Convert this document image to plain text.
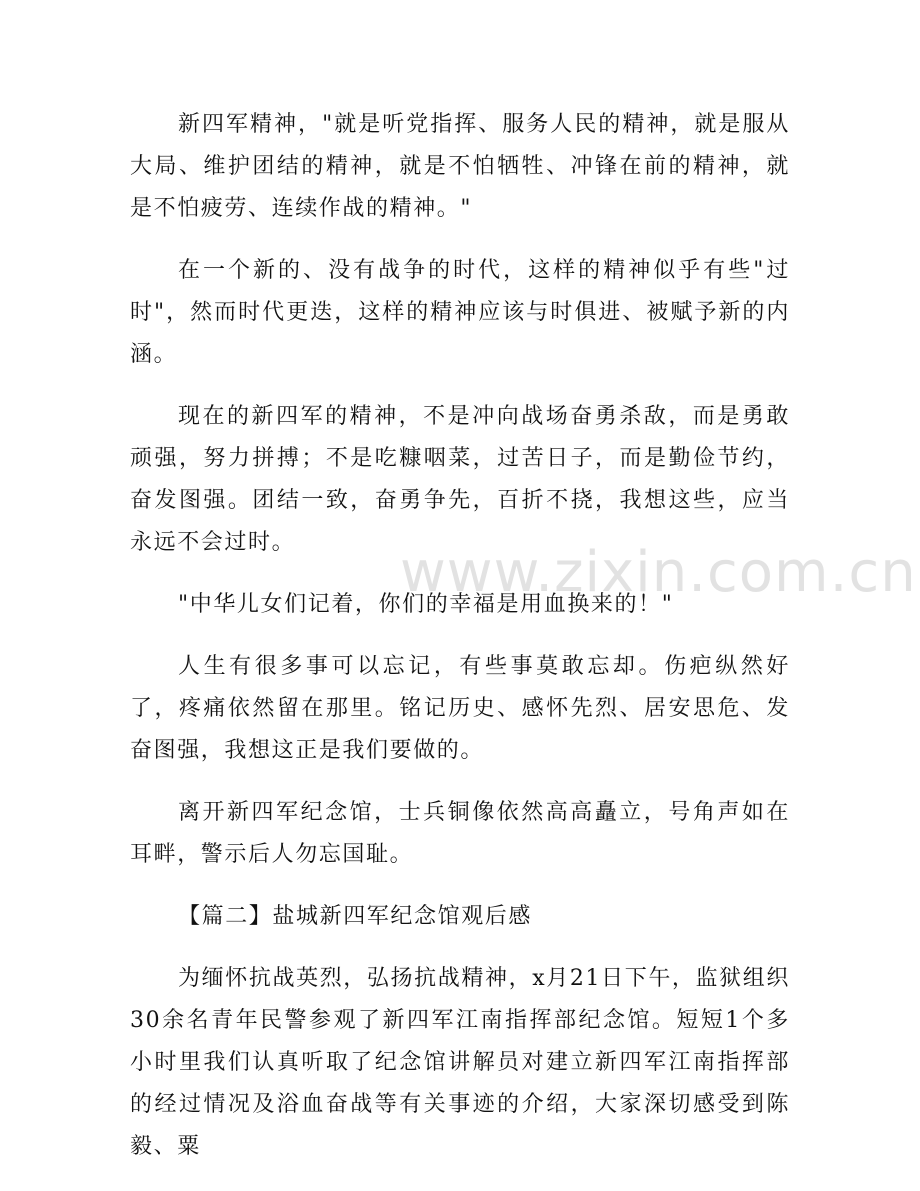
新四军精神，"就是听党指挥、服务人民的精神，就是服从大局、维护团结的精神，就是不怕牺牲、冲锋在前的精神，就是不怕疲劳、连续作战的精神。"

在一个新的、没有战争的时代，这样的精神似乎有些"过时"，然而时代更迭，这样的精神应该与时俱进、被赋予新的内涵。

现在的新四军的精神，不是冲向战场奋勇杀敌，而是勇敢顽强，努力拼搏；不是吃糠咽菜，过苦日子，而是勤俭节约，奋发图强。团结一致，奋勇争先，百折不挠，我想这些，应当永远不会过时。

"中华儿女们记着，你们的幸福是用血换来的！"

人生有很多事可以忘记，有些事莫敢忘却。伤疤纵然好了，疼痛依然留在那里。铭记历史、感怀先烈、居安思危、发奋图强，我想这正是我们要做的。

离开新四军纪念馆，士兵铜像依然高高矗立，号角声如在耳畔，警示后人勿忘国耻。

【篇二】盐城新四军纪念馆观后感

为缅怀抗战英烈，弘扬抗战精神，x月21日下午，监狱组织30余名青年民警参观了新四军江南指挥部纪念馆。短短1个多小时里我们认真听取了纪念馆讲解员对建立新四军江南指挥部的经过情况及浴血奋战等有关事迹的介绍，大家深切感受到陈毅、粟

www.zixin.com.cn
